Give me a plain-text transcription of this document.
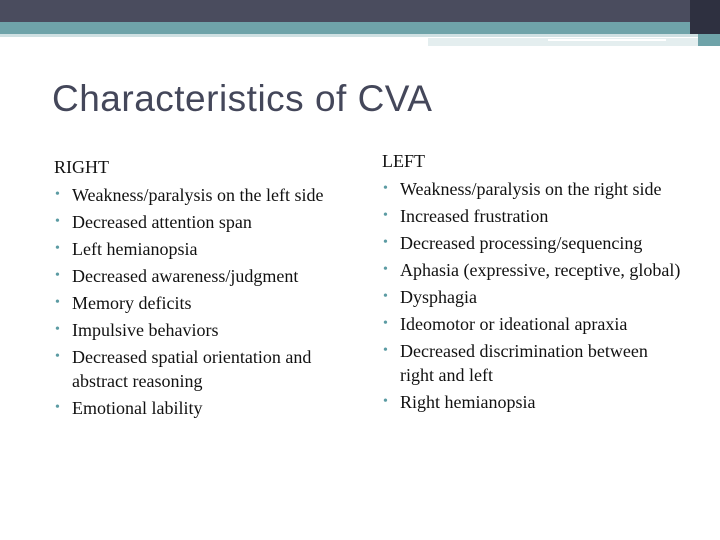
Characteristics of CVA
RIGHT
• Weakness/paralysis on the left side
• Decreased attention span
• Left hemianopsia
• Decreased awareness/judgment
• Memory deficits
• Impulsive behaviors
• Decreased spatial orientation and abstract reasoning
• Emotional lability
LEFT
• Weakness/paralysis on the right side
• Increased frustration
• Decreased processing/sequencing
• Aphasia (expressive, receptive, global)
• Dysphagia
• Ideomotor or ideational apraxia
• Decreased discrimination between right and left
• Right hemianopsia
